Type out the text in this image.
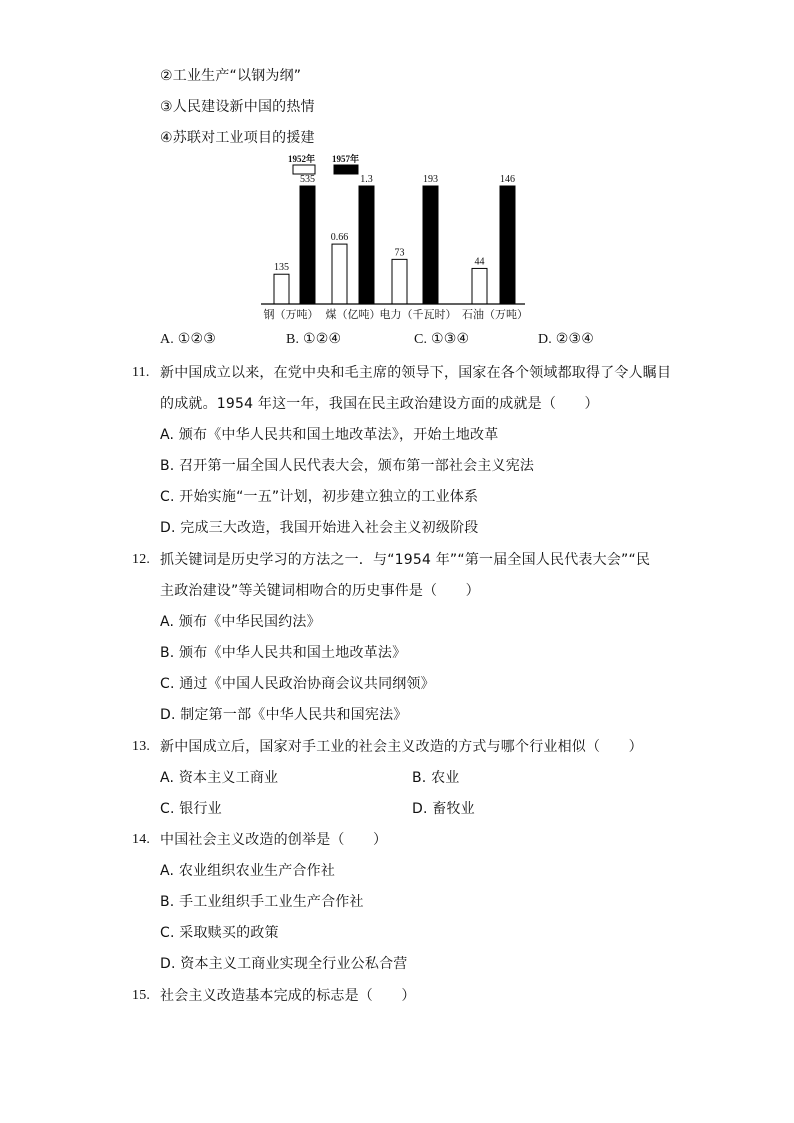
②工业生产“以钢为纲”
③人民建设新中国的热情
④苏联对工业项目的援建
1952年 1957年
135
0.66
73
44
535	1.3	193	146
钢（万吨） 煤（亿吨） 电力（千瓦时） 石油（万吨）
A. ①②③	B. ①②④	C. ①③④	D. ②③④
11. 新中国成立以来，在党中央和毛主席的领导下，国家在各个领域都取得了令人瞩目
的成就。1954 年这一年，我国在民主政治建设方面的成就是（　　）
A. 颁布《中华人民共和国土地改革法》，开始土地改革
B. 召开第一届全国人民代表大会，颁布第一部社会主义宪法
C. 开始实施“一五”计划，初步建立独立的工业体系
D. 完成三大改造，我国开始进入社会主义初级阶段
12. 抓关键词是历史学习的方法之一．与“1954 年”“第一届全国人民代表大会”“民
主政治建设”等关键词相吻合的历史事件是（　　）
A. 颁布《中华民国约法》
B. 颁布《中华人民共和国土地改革法》
C. 通过《中国人民政治协商会议共同纲领》
D. 制定第一部《中华人民共和国宪法》
13. 新中国成立后，国家对手工业的社会主义改造的方式与哪个行业相似（　　）
A. 资本主义工商业	B. 农业
C. 银行业	D. 畜牧业
14. 中国社会主义改造的创举是（　　）
A. 农业组织农业生产合作社
B. 手工业组织手工业生产合作社
C. 采取赎买的政策
D. 资本主义工商业实现全行业公私合营
15. 社会主义改造基本完成的标志是（　　）
